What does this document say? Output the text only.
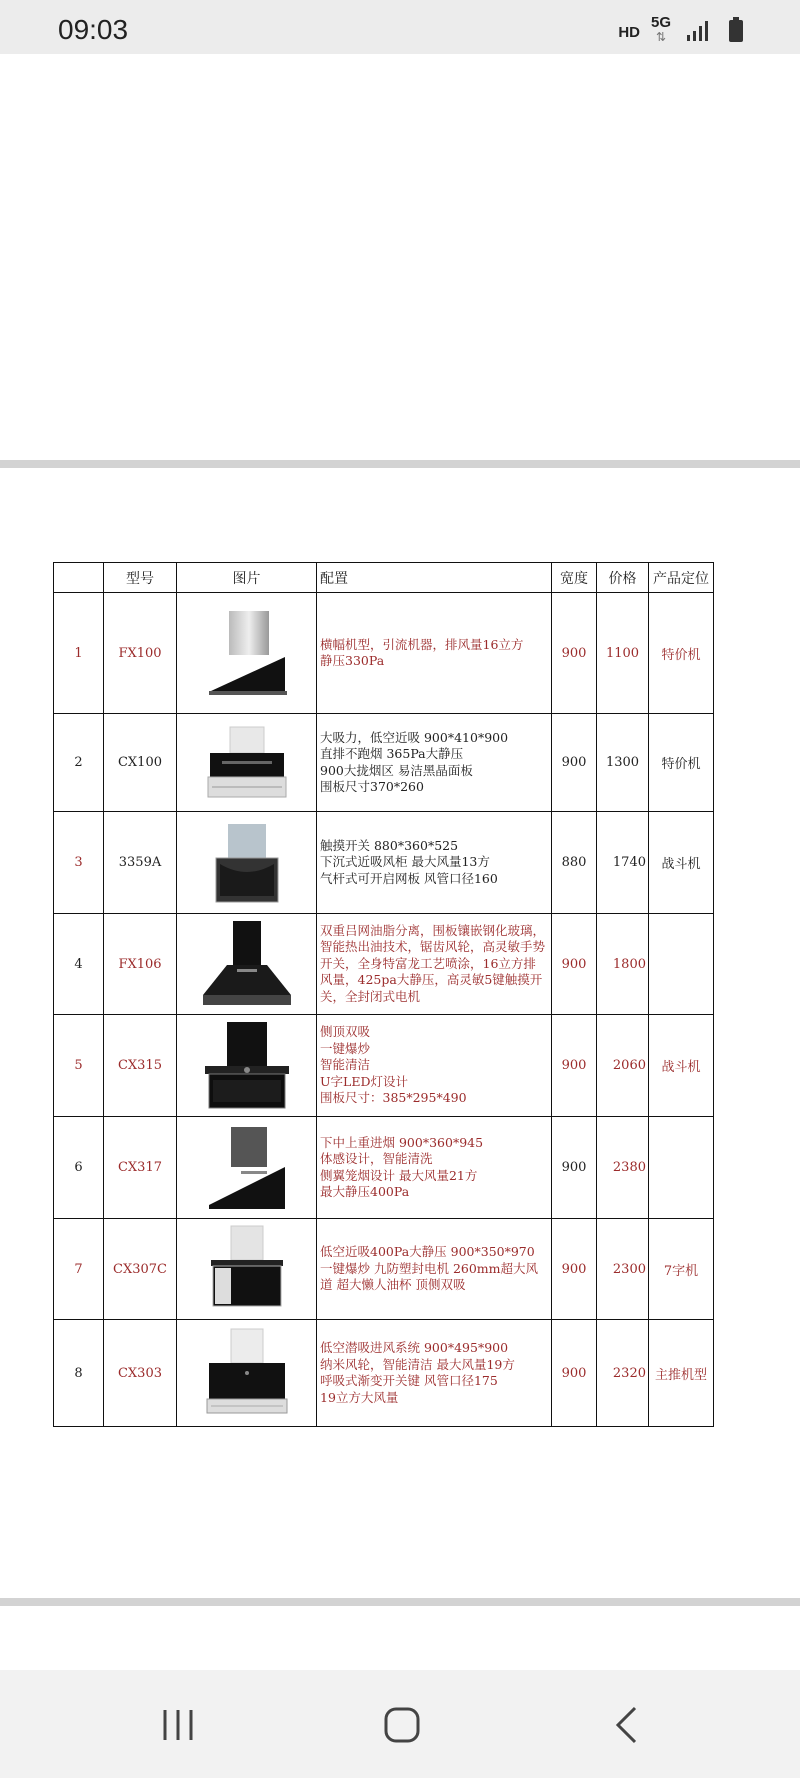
09:03	HD
5G
⇅
	型号	图片	配置	宽度	价格	产品定位
1	FX100		横幅机型，引流机器，排风量16立方
静压330Pa	900	1100	特价机
2	CX100		大吸力，低空近吸 900*410*900
直排不跑烟 365Pa大静压
900大拢烟区 易洁黑晶面板
围板尺寸370*260	900	1300	特价机
3	3359A		触摸开关 880*360*525
下沉式近吸风柜 最大风量13方
气杆式可开启网板 风管口径160	880	1740	战斗机
4	FX106		双重吕网油脂分离，围板镶嵌钢化玻璃，智能热出油技术，锯齿风轮，高灵敏手势开关，全身特富龙工艺喷涂，16立方排风量，425pa大静压，高灵敏5键触摸开关，全封闭式电机	900	1800	
5	CX315		侧顶双吸
一键爆炒
智能清洁
U字LED灯设计
围板尺寸：385*295*490	900	2060	战斗机
6	CX317		下中上重进烟 900*360*945
体感设计，智能清洗
侧翼笼烟设计 最大风量21方
最大静压400Pa	900	2380	
7	CX307C		低空近吸400Pa大静压 900*350*970
一键爆炒 九防塑封电机 260mm超大风道 超大懒人油杯 顶侧双吸	900	2300	7字机
8	CX303		低空潜吸进风系统 900*495*900
纳米风轮，智能清洁 最大风量19方
呼吸式渐变开关键 风管口径175
19立方大风量	900	2320	主推机型
